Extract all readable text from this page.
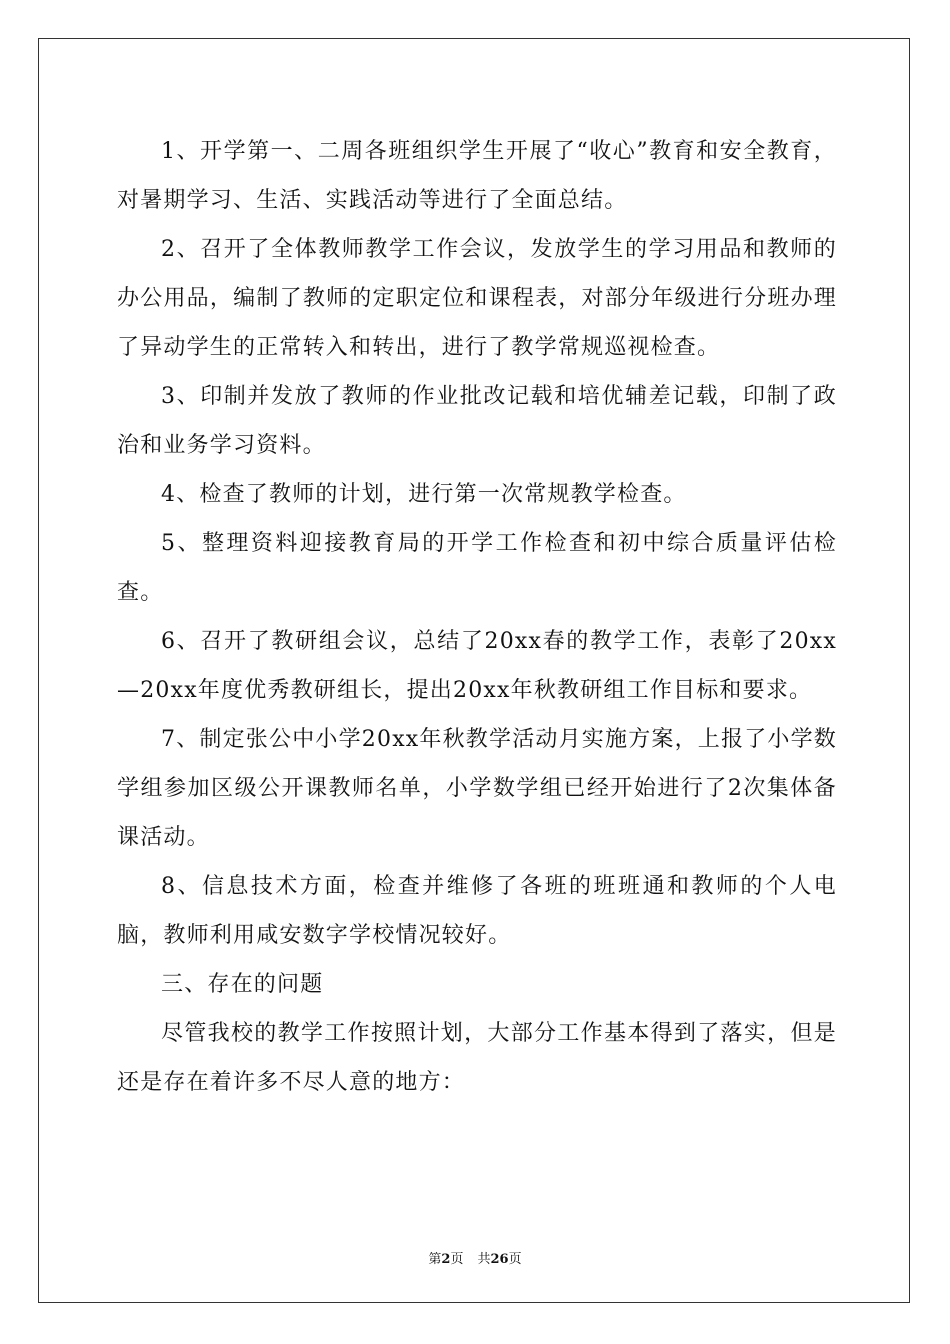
1、开学第一、二周各班组织学生开展了“收心”教育和安全教育，对暑期学习、生活、实践活动等进行了全面总结。

2、召开了全体教师教学工作会议，发放学生的学习用品和教师的办公用品，编制了教师的定职定位和课程表，对部分年级进行分班办理了异动学生的正常转入和转出，进行了教学常规巡视检查。

3、印制并发放了教师的作业批改记载和培优辅差记载，印制了政治和业务学习资料。

4、检查了教师的计划，进行第一次常规教学检查。

5、整理资料迎接教育局的开学工作检查和初中综合质量评估检查。

6、召开了教研组会议，总结了20xx春的教学工作，表彰了20xx—20xx年度优秀教研组长，提出20xx年秋教研组工作目标和要求。

7、制定张公中小学20xx年秋教学活动月实施方案，上报了小学数学组参加区级公开课教师名单，小学数学组已经开始进行了2次集体备课活动。

8、信息技术方面，检查并维修了各班的班班通和教师的个人电脑，教师利用咸安数字学校情况较好。

三、存在的问题

尽管我校的教学工作按照计划，大部分工作基本得到了落实，但是还是存在着许多不尽人意的地方：

第2页 共26页
